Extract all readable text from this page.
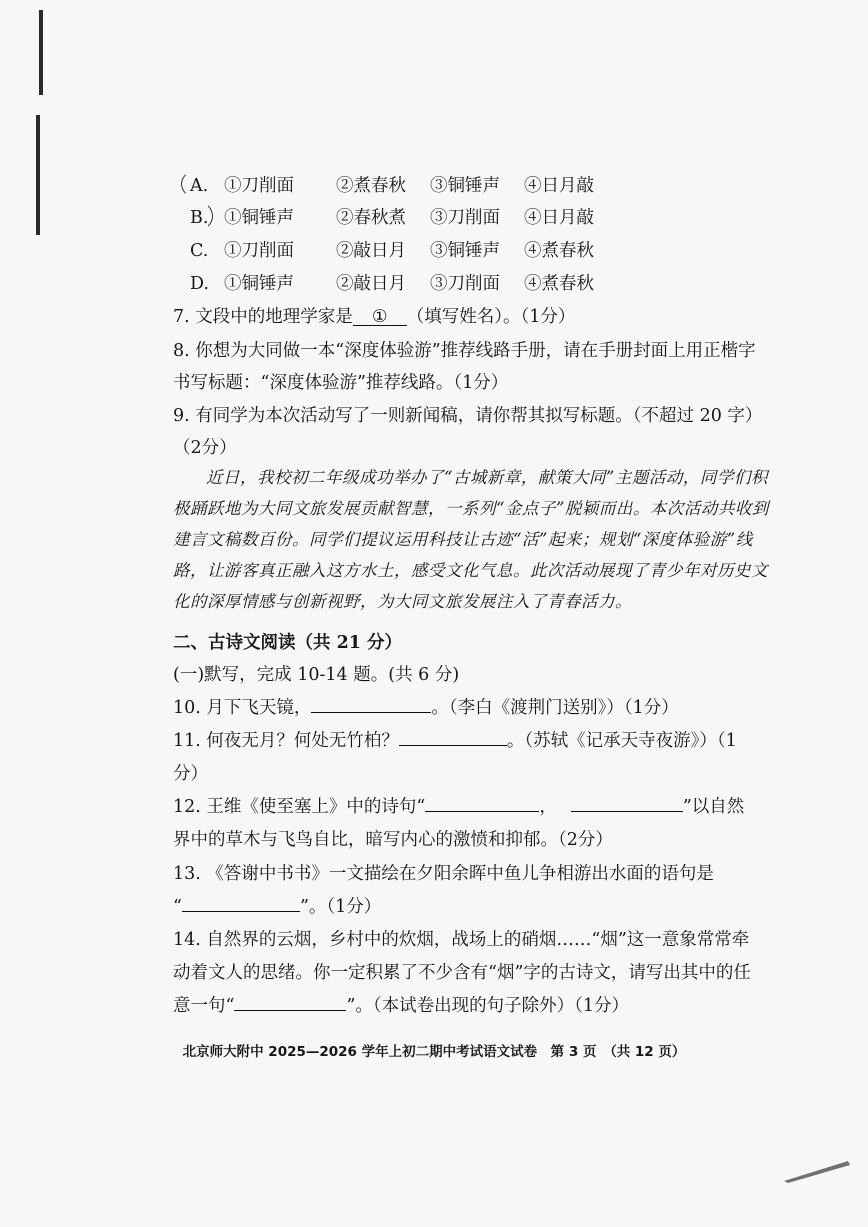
A. ①刀削面 ②煮春秋 ③铜锤声 ④日月敲
B. ①铜锤声 ②春秋煮 ③刀削面 ④日月敲
C. ①刀削面 ②敲日月 ③铜锤声 ④煮春秋
D. ①铜锤声 ②敲日月 ③刀削面 ④煮春秋
7. 文段中的地理学家是 ① （填写姓名）。（1分）
8. 你想为大同做一本“深度体验游”推荐线路手册，请在手册封面上用正楷字
书写标题：“深度体验游”推荐线路。（1分）
9. 有同学为本次活动写了一则新闻稿，请你帮其拟写标题。（不超过 20 字）
（2分）
近日，我校初二年级成功举办了“古城新章，献策大同”主题活动，同学们积极踊跃地为大同文旅发展贡献智慧，一系列“金点子”脱颖而出。本次活动共收到建言文稿数百份。同学们提议运用科技让古迹“活”起来；规划“深度体验游”线路，让游客真正融入这方水土，感受文化气息。此次活动展现了青少年对历史文化的深厚情感与创新视野，为大同文旅发展注入了青春活力。
二、古诗文阅读（共 21 分）
(一)默写，完成 10-14 题。(共 6 分)
10. 月下飞天镜，	。（李白《渡荆门送别》）（1分）
11. 何夜无月？何处无竹柏？	。（苏轼《记承天寺夜游》）（1
分）
12. 王维《使至塞上》中的诗句“	，	”以自然
界中的草木与飞鸟自比，暗写内心的激愤和抑郁。（2分）
13. 《答谢中书书》一文描绘在夕阳余晖中鱼儿争相游出水面的语句是
“	”。（1分）
14. 自然界的云烟，乡村中的炊烟，战场上的硝烟……“烟”这一意象常常牵
动着文人的思绪。你一定积累了不少含有“烟”字的古诗文，请写出其中的任
意一句“	”。（本试卷出现的句子除外）（1分）
北京师大附中 2025—2026 学年上初二期中考试语文试卷　第 3 页　（共 12 页）
